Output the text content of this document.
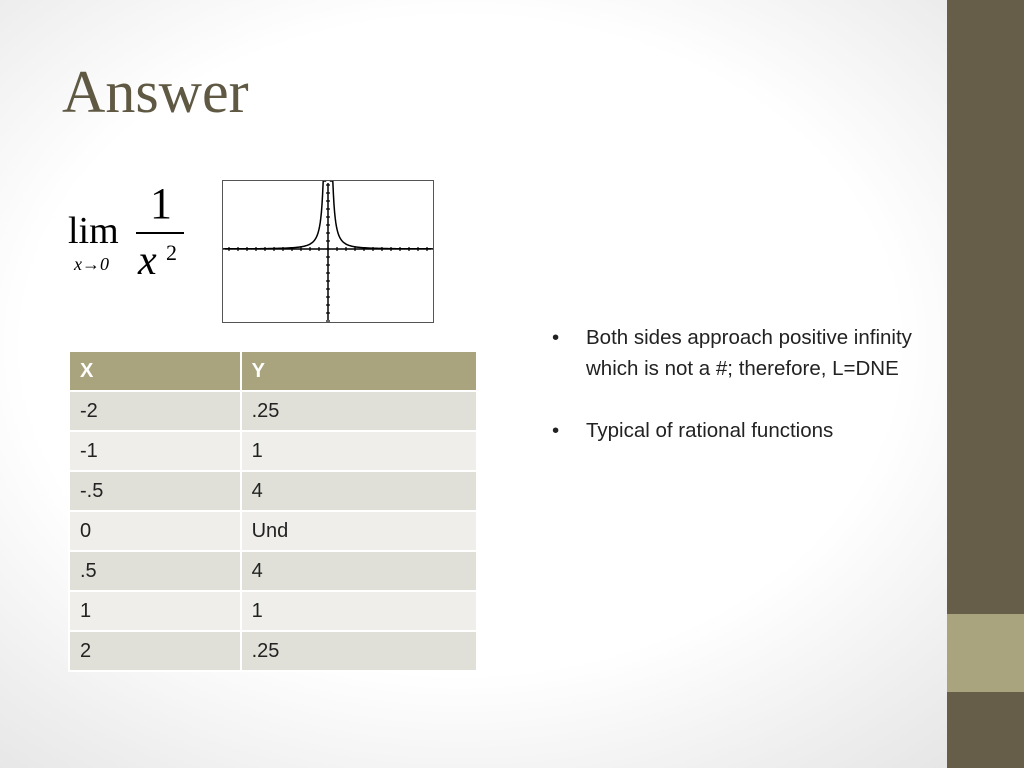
Answer
lim
x→0
1
x 2
X	Y
-2	.25
-1	1
-.5	4
0	Und
.5	4
1	1
2	.25
• Both sides approach positive infinity which is not a #; therefore, L=DNE
• Typical of rational functions
